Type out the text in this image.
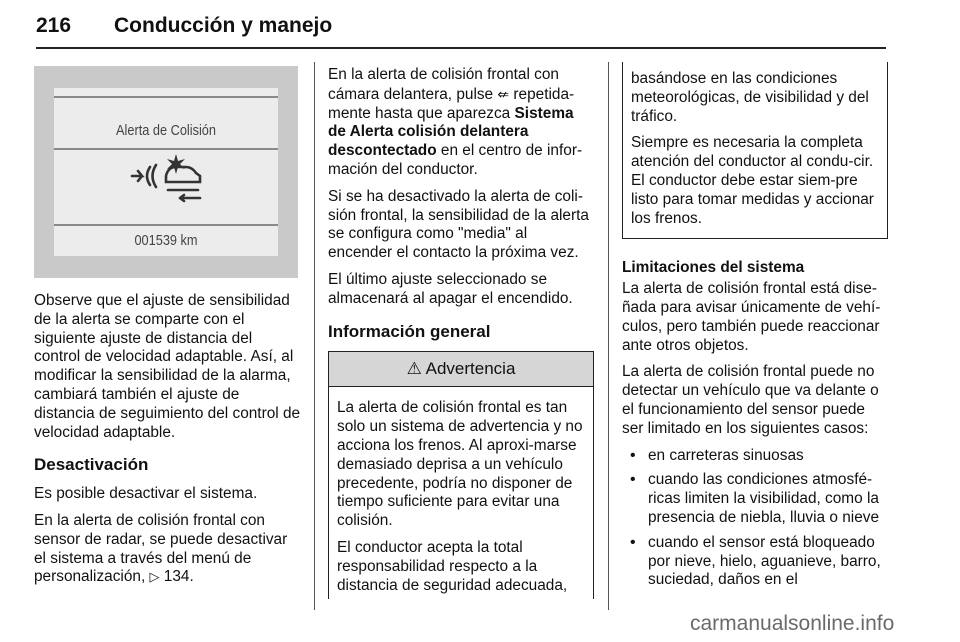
216 Conducción y manejo
Alerta de Colisión
001539 km

Observe que el ajuste de sensibilidad de la alerta se comparte con el siguiente ajuste de distancia del control de velocidad adaptable. Así, al modificar la sensibilidad de la alarma, cambiará también el ajuste de distancia de seguimiento del control de velocidad adaptable.

Desactivación

Es posible desactivar el sistema.

En la alerta de colisión frontal con sensor de radar, se puede desactivar el sistema a través del menú de personalización, ▷ 134.

En la alerta de colisión frontal con cámara delantera, pulse ⇍ repetida-mente hasta que aparezca Sistema de Alerta colisión delantera descontectado en el centro de infor-mación del conductor.

Si se ha desactivado la alerta de coli-sión frontal, la sensibilidad de la alerta se configura como "media" al encender el contacto la próxima vez.

El último ajuste seleccionado se almacenará al apagar el encendido.

Información general
⚠ Advertencia

La alerta de colisión frontal es tan solo un sistema de advertencia y no acciona los frenos. Al aproxi-marse demasiado deprisa a un vehículo precedente, podría no disponer de tiempo suficiente para evitar una colisión.

El conductor acepta la total responsabilidad respecto a la distancia de seguridad adecuada,

basándose en las condiciones meteorológicas, de visibilidad y del tráfico.

Siempre es necesaria la completa atención del conductor al condu-cir. El conductor debe estar siem-pre listo para tomar medidas y accionar los frenos.

Limitaciones del sistema

La alerta de colisión frontal está dise-ñada para avisar únicamente de vehí-culos, pero también puede reaccionar ante otros objetos.

La alerta de colisión frontal puede no detectar un vehículo que va delante o el funcionamiento del sensor puede ser limitado en los siguientes casos:

• en carreteras sinuosas
• cuando las condiciones atmosfé-ricas limiten la visibilidad, como la presencia de niebla, lluvia o nieve
• cuando el sensor está bloqueado por nieve, hielo, aguanieve, barro, suciedad, daños en el
carmanualsonline.info
